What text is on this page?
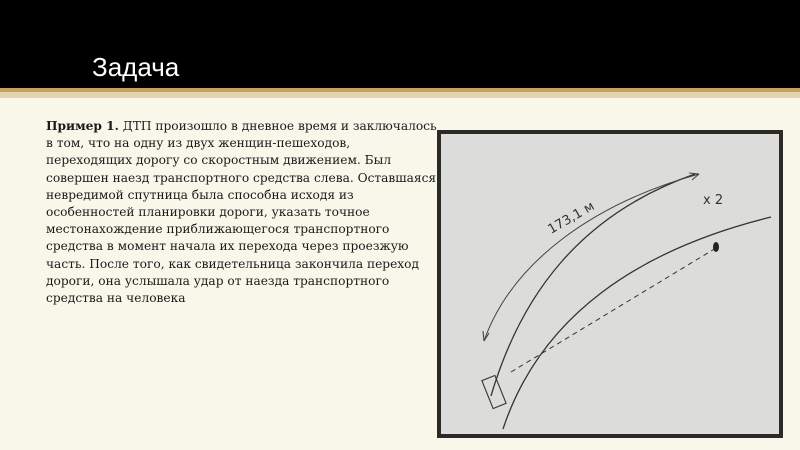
Задача
Пример 1. ДТП произошло в дневное время и заключалось в том, что на одну из двух женщин-пешеходов, переходящих дорогу со скоростным движением. Был совершен наезд транспортного средства слева. Оставшаяся невредимой спутница была способна исходя из особенностей планировки дороги, указать точное местонахождение приближающегося транспортного средства в момент начала их перехода через проезжую часть. После того, как свидетельница закончила переход дороги, она услышала удар от наезда транспортного средства на человека
173,1 м	x 2
